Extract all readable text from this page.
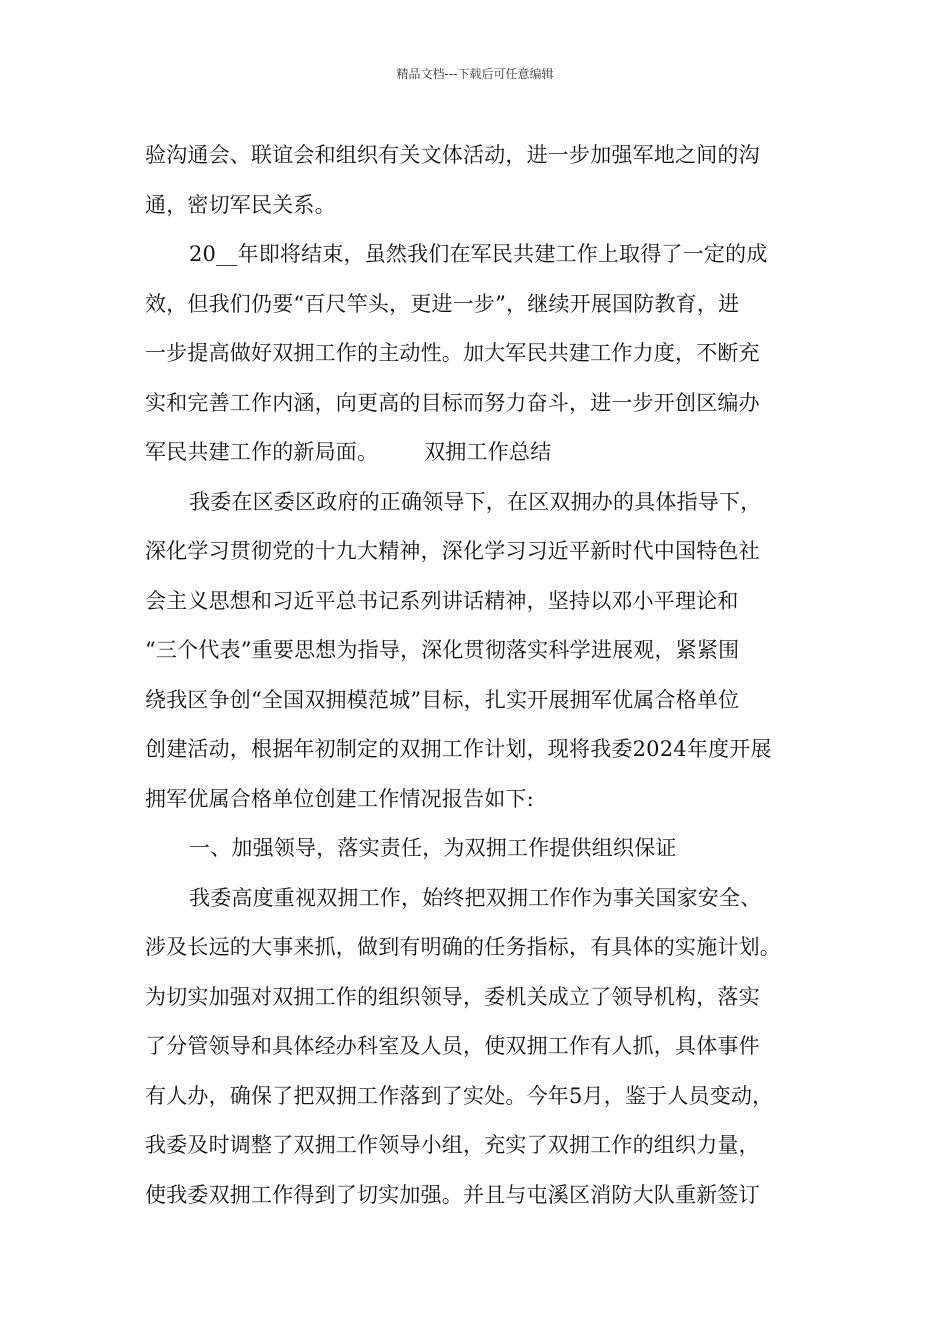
精品文档---下载后可任意编辑
验沟通会、联谊会和组织有关文体活动，进一步加强军地之间的沟
通，密切军民关系。
20__年即将结束，虽然我们在军民共建工作上取得了一定的成
效，但我们仍要“百尺竿头，更进一步”，继续开展国防教育，进
一步提高做好双拥工作的主动性。加大军民共建工作力度，不断充
实和完善工作内涵，向更高的目标而努力奋斗，进一步开创区编办
军民共建工作的新局面。 双拥工作总结
我委在区委区政府的正确领导下，在区双拥办的具体指导下，
深化学习贯彻党的十九大精神，深化学习习近平新时代中国特色社
会主义思想和习近平总书记系列讲话精神，坚持以邓小平理论和
“三个代表”重要思想为指导，深化贯彻落实科学进展观，紧紧围
绕我区争创“全国双拥模范城”目标，扎实开展拥军优属合格单位
创建活动，根据年初制定的双拥工作计划，现将我委2024年度开展
拥军优属合格单位创建工作情况报告如下:
一、加强领导，落实责任，为双拥工作提供组织保证
我委高度重视双拥工作，始终把双拥工作作为事关国家安全、
涉及长远的大事来抓，做到有明确的任务指标，有具体的实施计划。
为切实加强对双拥工作的组织领导，委机关成立了领导机构，落实
了分管领导和具体经办科室及人员，使双拥工作有人抓，具体事件
有人办，确保了把双拥工作落到了实处。今年5月，鉴于人员变动，
我委及时调整了双拥工作领导小组，充实了双拥工作的组织力量，
使我委双拥工作得到了切实加强。并且与屯溪区消防大队重新签订
